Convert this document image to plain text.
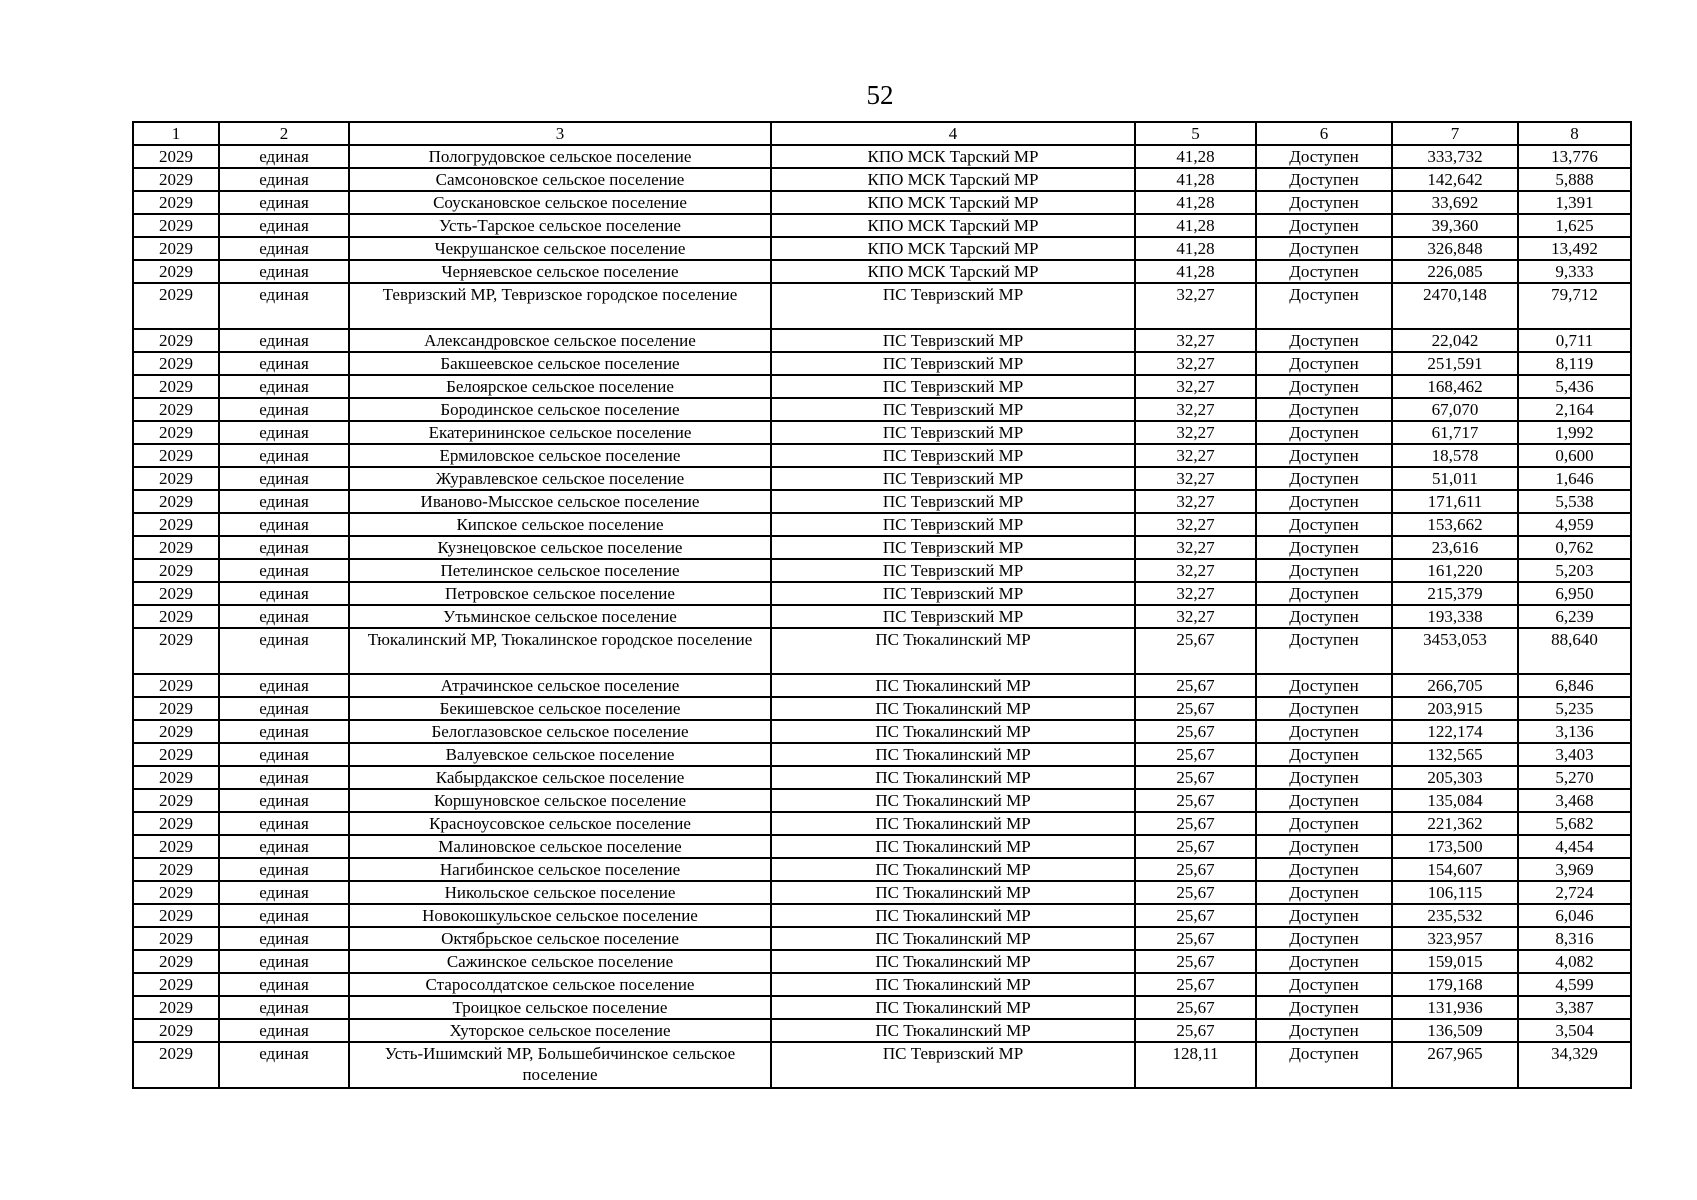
52
1	2	3	4	5	6	7	8
2029	единая	Пологрудовское сельское поселение	КПО МСК Тарский МР	41,28	Доступен	333,732	13,776
2029	единая	Самсоновское сельское поселение	КПО МСК Тарский МР	41,28	Доступен	142,642	5,888
2029	единая	Соускановское сельское поселение	КПО МСК Тарский МР	41,28	Доступен	33,692	1,391
2029	единая	Усть-Тарское сельское поселение	КПО МСК Тарский МР	41,28	Доступен	39,360	1,625
2029	единая	Чекрушанское сельское поселение	КПО МСК Тарский МР	41,28	Доступен	326,848	13,492
2029	единая	Черняевское сельское поселение	КПО МСК Тарский МР	41,28	Доступен	226,085	9,333
2029	единая	Тевризский МР, Тевризское городское поселение	ПС Тевризский МР	32,27	Доступен	2470,148	79,712
2029	единая	Александровское сельское поселение	ПС Тевризский МР	32,27	Доступен	22,042	0,711
2029	единая	Бакшеевское сельское поселение	ПС Тевризский МР	32,27	Доступен	251,591	8,119
2029	единая	Белоярское сельское поселение	ПС Тевризский МР	32,27	Доступен	168,462	5,436
2029	единая	Бородинское сельское поселение	ПС Тевризский МР	32,27	Доступен	67,070	2,164
2029	единая	Екатерининское сельское поселение	ПС Тевризский МР	32,27	Доступен	61,717	1,992
2029	единая	Ермиловское сельское поселение	ПС Тевризский МР	32,27	Доступен	18,578	0,600
2029	единая	Журавлевское сельское поселение	ПС Тевризский МР	32,27	Доступен	51,011	1,646
2029	единая	Иваново-Мысское сельское поселение	ПС Тевризский МР	32,27	Доступен	171,611	5,538
2029	единая	Кипское сельское поселение	ПС Тевризский МР	32,27	Доступен	153,662	4,959
2029	единая	Кузнецовское сельское поселение	ПС Тевризский МР	32,27	Доступен	23,616	0,762
2029	единая	Петелинское сельское поселение	ПС Тевризский МР	32,27	Доступен	161,220	5,203
2029	единая	Петровское сельское поселение	ПС Тевризский МР	32,27	Доступен	215,379	6,950
2029	единая	Утьминское сельское поселение	ПС Тевризский МР	32,27	Доступен	193,338	6,239
2029	единая	Тюкалинский МР, Тюкалинское городское поселение	ПС Тюкалинский МР	25,67	Доступен	3453,053	88,640
2029	единая	Атрачинское сельское поселение	ПС Тюкалинский МР	25,67	Доступен	266,705	6,846
2029	единая	Бекишевское сельское поселение	ПС Тюкалинский МР	25,67	Доступен	203,915	5,235
2029	единая	Белоглазовское сельское поселение	ПС Тюкалинский МР	25,67	Доступен	122,174	3,136
2029	единая	Валуевское сельское поселение	ПС Тюкалинский МР	25,67	Доступен	132,565	3,403
2029	единая	Кабырдакское сельское поселение	ПС Тюкалинский МР	25,67	Доступен	205,303	5,270
2029	единая	Коршуновское сельское поселение	ПС Тюкалинский МР	25,67	Доступен	135,084	3,468
2029	единая	Красноусовское сельское поселение	ПС Тюкалинский МР	25,67	Доступен	221,362	5,682
2029	единая	Малиновское сельское поселение	ПС Тюкалинский МР	25,67	Доступен	173,500	4,454
2029	единая	Нагибинское сельское поселение	ПС Тюкалинский МР	25,67	Доступен	154,607	3,969
2029	единая	Никольское сельское поселение	ПС Тюкалинский МР	25,67	Доступен	106,115	2,724
2029	единая	Новокошкульское сельское поселение	ПС Тюкалинский МР	25,67	Доступен	235,532	6,046
2029	единая	Октябрьское сельское поселение	ПС Тюкалинский МР	25,67	Доступен	323,957	8,316
2029	единая	Сажинское сельское поселение	ПС Тюкалинский МР	25,67	Доступен	159,015	4,082
2029	единая	Старосолдатское сельское поселение	ПС Тюкалинский МР	25,67	Доступен	179,168	4,599
2029	единая	Троицкое сельское поселение	ПС Тюкалинский МР	25,67	Доступен	131,936	3,387
2029	единая	Хуторское сельское поселение	ПС Тюкалинский МР	25,67	Доступен	136,509	3,504
2029	единая	Усть-Ишимский МР, Большебичинское сельское поселение	ПС Тевризский МР	128,11	Доступен	267,965	34,329
